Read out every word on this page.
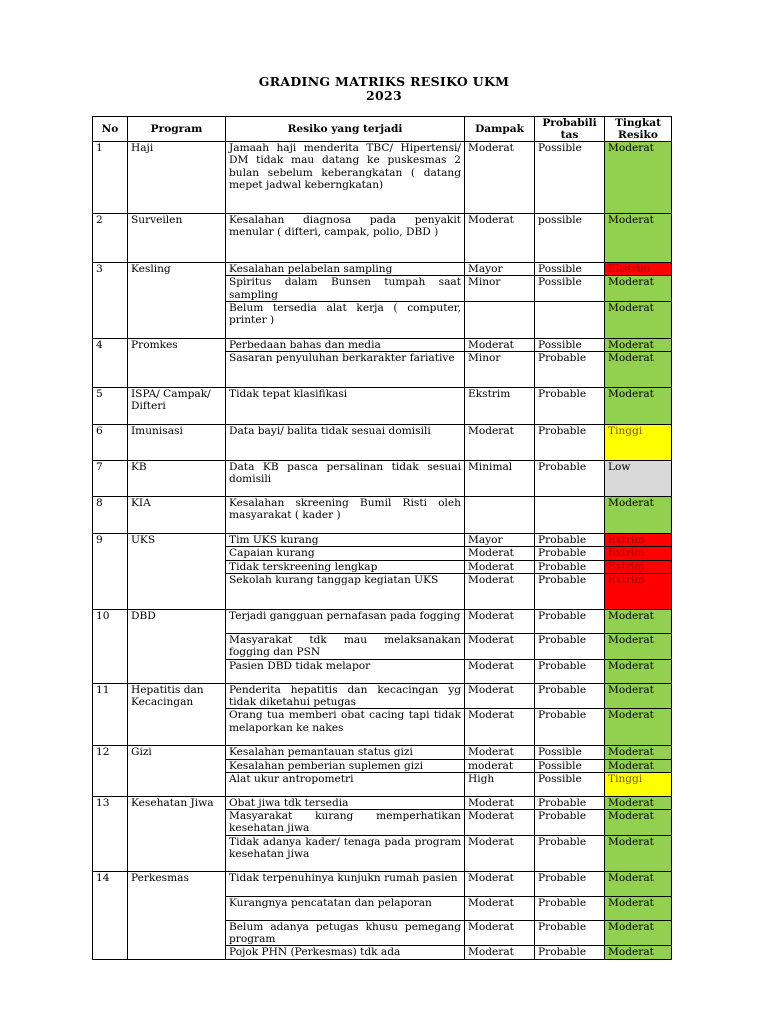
GRADING MATRIKS RESIKO UKM
2023
No	Program	Resiko yang terjadi	Dampak	Probabili tas	Tingkat Resiko
1	Haji	Jamaah haji menderita TBC/ Hipertensi/ DM tidak mau datang ke puskesmas 2 bulan sebelum keberangkatan ( datang mepet jadwal keberngkatan)	Moderat	Possible	Moderat
2	Surveilen	Kesalahan diagnosa pada penyakit menular ( difteri, campak, polio, DBD )	Moderat	possible	Moderat
3	Kesling	Kesalahan pelabelan sampling	Mayor	Possible	Ekstrim
		Spiritus dalam Bunsen tumpah saat sampling	Minor	Possible	Moderat
		Belum tersedia alat kerja ( computer, printer )			Moderat
4	Promkes	Perbedaan bahas dan media	Moderat	Possible	Moderat
		Sasaran penyuluhan berkarakter fariative	Minor	Probable	Moderat
5	ISPA/ Campak/ Difteri	Tidak tepat klasifikasi	Ekstrim	Probable	Moderat
6	Imunisasi	Data bayi/ balita tidak sesuai domisili	Moderat	Probable	Tinggi
7	KB	Data KB pasca persalinan tidak sesuai domisili	Minimal	Probable	Low
8	KIA	Kesalahan skreening Bumil Risti oleh masyarakat ( kader )			Moderat
9	UKS	Tim UKS kurang	Mayor	Probable	Extrim
		Capaian kurang	Moderat	Probable	Extrim
		Tidak terskreening lengkap	Moderat	Probable	Extrim
		Sekolah kurang tanggap kegiatan UKS	Moderat	Probable	Extrim
10	DBD	Terjadi gangguan pernafasan pada fogging	Moderat	Probable	Moderat
		Masyarakat tdk mau melaksanakan fogging dan PSN	Moderat	Probable	Moderat
		Pasien DBD tidak melapor	Moderat	Probable	Moderat
11	Hepatitis dan Kecacingan	Penderita hepatitis dan kecacingan yg tidak diketahui petugas	Moderat	Probable	Moderat
		Orang tua memberi obat cacing tapi tidak melaporkan ke nakes	Moderat	Probable	Moderat
12	Gizi	Kesalahan pemantauan status gizi	Moderat	Possible	Moderat
		Kesalahan pemberian suplemen gizi	moderat	Possible	Moderat
		Alat ukur antropometri	High	Possible	Tinggi
13	Kesehatan Jiwa	Obat jiwa tdk tersedia	Moderat	Probable	Moderat
		Masyarakat kurang memperhatikan kesehatan jiwa	Moderat	Probable	Moderat
		Tidak adanya kader/ tenaga pada program kesehatan jiwa	Moderat	Probable	Moderat
14	Perkesmas	Tidak terpenuhinya kunjukn rumah pasien	Moderat	Probable	Moderat
		Kurangnya pencatatan dan pelaporan	Moderat	Probable	Moderat
		Belum adanya petugas khusu pemegang program	Moderat	Probable	Moderat
		Pojok PHN (Perkesmas) tdk ada	Moderat	Probable	Moderat
